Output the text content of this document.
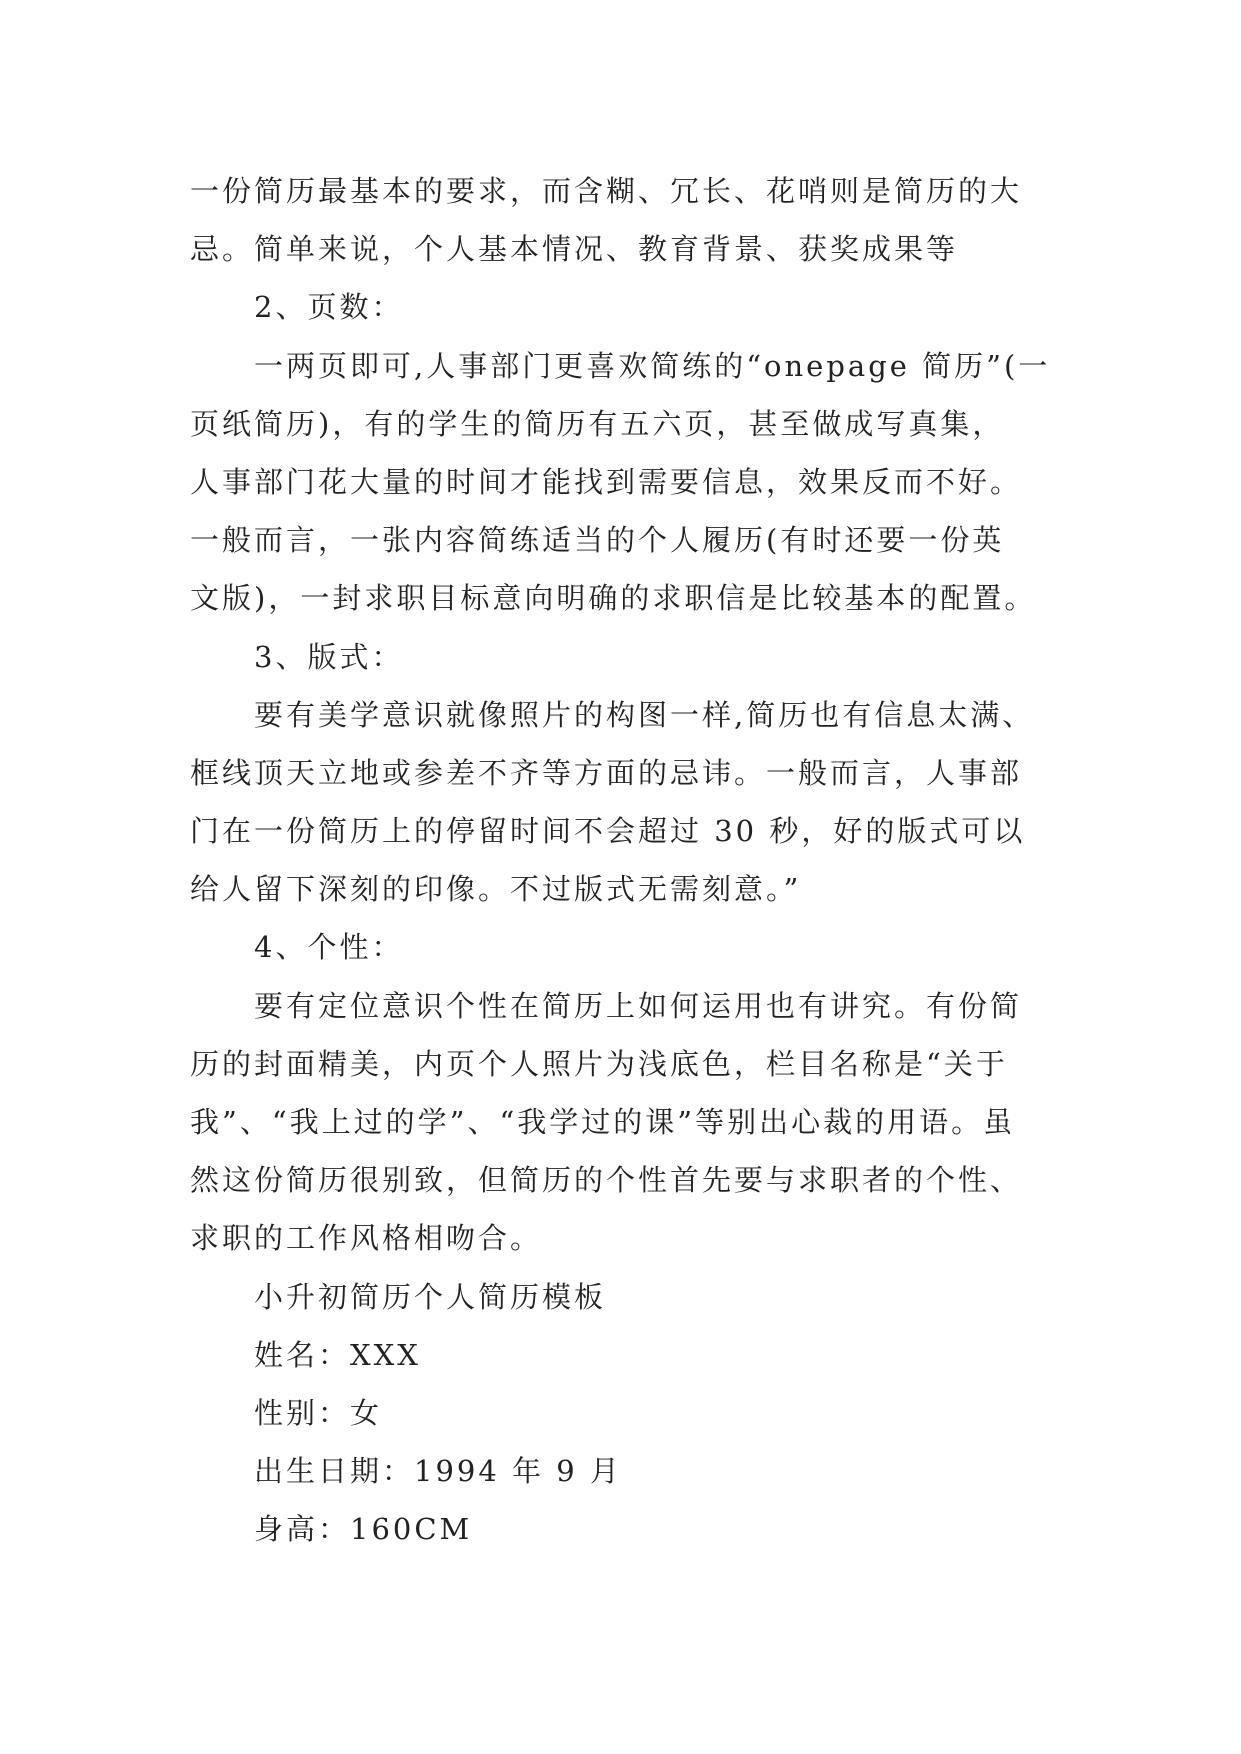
一份简历最基本的要求，而含糊、冗长、花哨则是简历的大
忌。简单来说，个人基本情况、教育背景、获奖成果等
2、页数：
一两页即可,人事部门更喜欢简练的“onepage 简历”(一
页纸简历)，有的学生的简历有五六页，甚至做成写真集，
人事部门花大量的时间才能找到需要信息，效果反而不好。
一般而言，一张内容简练适当的个人履历(有时还要一份英
文版)，一封求职目标意向明确的求职信是比较基本的配置。
3、版式：
要有美学意识就像照片的构图一样,简历也有信息太满、
框线顶天立地或参差不齐等方面的忌讳。一般而言，人事部
门在一份简历上的停留时间不会超过 30 秒，好的版式可以
给人留下深刻的印像。不过版式无需刻意。”
4、个性：
要有定位意识个性在简历上如何运用也有讲究。有份简
历的封面精美，内页个人照片为浅底色，栏目名称是“关于
我”、“我上过的学”、“我学过的课”等别出心裁的用语。虽
然这份简历很别致，但简历的个性首先要与求职者的个性、
求职的工作风格相吻合。
小升初简历个人简历模板
姓名：XXX
性别：女
出生日期：1994 年 9 月
身高：160CM
